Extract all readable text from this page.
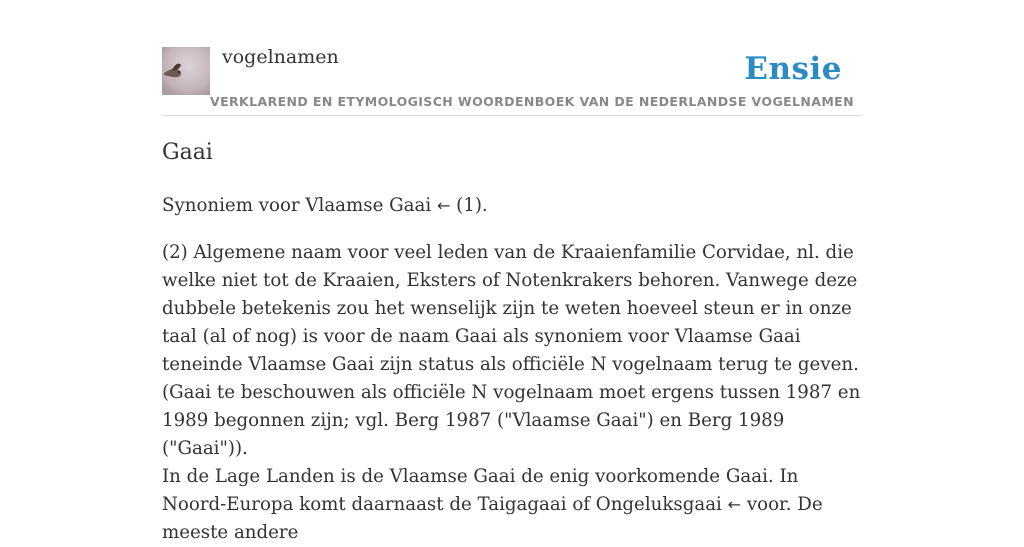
vogelnamen	Ensie
VERKLAREND EN ETYMOLOGISCH WOORDENBOEK VAN DE NEDERLANDSE VOGELNAMEN
Gaai

Synoniem voor Vlaamse Gaai ← (1).

(2) Algemene naam voor veel leden van de Kraaienfamilie Corvidae, nl. die welke niet tot de Kraaien, Eksters of Notenkrakers behoren. Vanwege deze dubbele betekenis zou het wenselijk zijn te weten hoeveel steun er in onze taal (al of nog) is voor de naam Gaai als synoniem voor Vlaamse Gaai teneinde Vlaamse Gaai zijn status als officiële N vogelnaam terug te geven. (Gaai te beschouwen als officiële N vogelnaam moet ergens tussen 1987 en 1989 begonnen zijn; vgl. Berg 1987 ("Vlaamse Gaai") en Berg 1989 ("Gaai")).

In de Lage Landen is de Vlaamse Gaai de enig voorkomende Gaai. In Noord-Europa komt daarnaast de Taigagaai of Ongeluksgaai ← voor. De meeste andere
